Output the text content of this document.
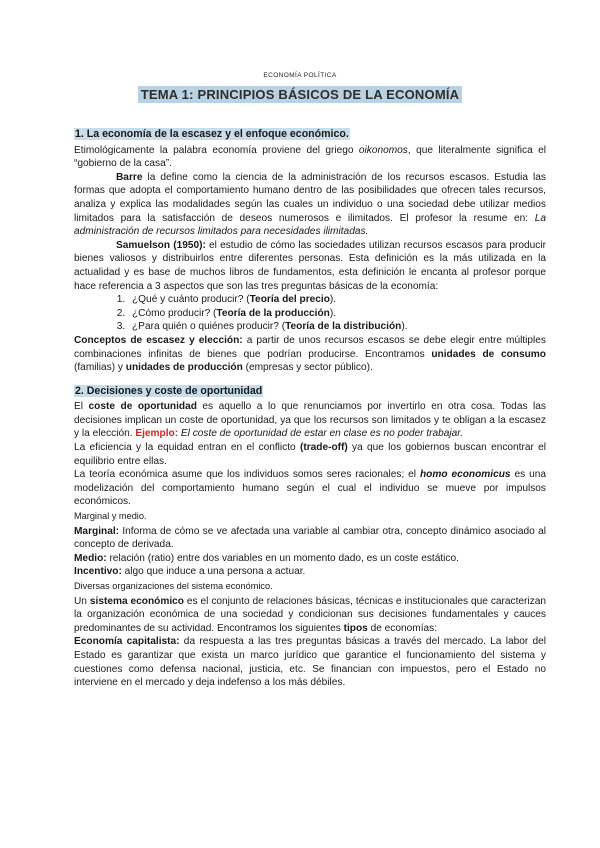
ECONOMÍA POLÍTICA
TEMA 1: PRINCIPIOS BÁSICOS DE LA ECONOMÍA

1. La economía de la escasez y el enfoque económico.

Etimológicamente la palabra economía proviene del griego oikonomos, que literalmente significa el “gobierno de la casa”.

Barre la define como la ciencia de la administración de los recursos escasos. Estudia las formas que adopta el comportamiento humano dentro de las posibilidades que ofrecen tales recursos, analiza y explica las modalidades según las cuales un individuo o una sociedad debe utilizar medios limitados para la satisfacción de deseos numerosos e ilimitados. El profesor la resume en: La administración de recursos limitados para necesidades ilimitadas.

Samuelson (1950): el estudio de cómo las sociedades utilizan recursos escasos para producir bienes valiosos y distribuirlos entre diferentes personas. Esta definición es la más utilizada en la actualidad y es base de muchos libros de fundamentos, esta definición le encanta al profesor porque hace referencia a 3 aspectos que son las tres preguntas básicas de la economía:

1. ¿Qué y cuánto producir? (Teoría del precio).
2. ¿Cómo producir? (Teoría de la producción).
3. ¿Para quién o quiénes producir? (Teoría de la distribución).

Conceptos de escasez y elección: a partir de unos recursos escasos se debe elegir entre múltiples combinaciones infinitas de bienes que podrían producirse. Encontramos unidades de consumo (familias) y unidades de producción (empresas y sector público).

2. Decisiones y coste de oportunidad

El coste de oportunidad es aquello a lo que renunciamos por invertirlo en otra cosa. Todas las decisiones implican un coste de oportunidad, ya que los recursos son limitados y te obligan a la escasez y la elección. Ejemplo: El coste de oportunidad de estar en clase es no poder trabajar.

La eficiencia y la equidad entran en el conflicto (trade-off) ya que los gobiernos buscan encontrar el equilibrio entre ellas.

La teoría económica asume que los individuos somos seres racionales; el homo economicus es una modelización del comportamiento humano según el cual el individuo se mueve por impulsos económicos.

Marginal y medio.

Marginal: Informa de cómo se ve afectada una variable al cambiar otra, concepto dinámico asociado al concepto de derivada.

Medio: relación (ratio) entre dos variables en un momento dado, es un coste estático.

Incentivo: algo que induce a una persona a actuar.

Diversas organizaciones del sistema económico.

Un sistema económico es el conjunto de relaciones básicas, técnicas e institucionales que caracterizan la organización económica de una sociedad y condicionan sus decisiones fundamentales y cauces predominantes de su actividad. Encontramos los siguientes tipos de economías:

Economía capitalista: da respuesta a las tres preguntas básicas a través del mercado. La labor del Estado es garantizar que exista un marco jurídico que garantice el funcionamiento del sistema y cuestiones como defensa nacional, justicia, etc. Se financian con impuestos, pero el Estado no interviene en el mercado y deja indefenso a los más débiles.
